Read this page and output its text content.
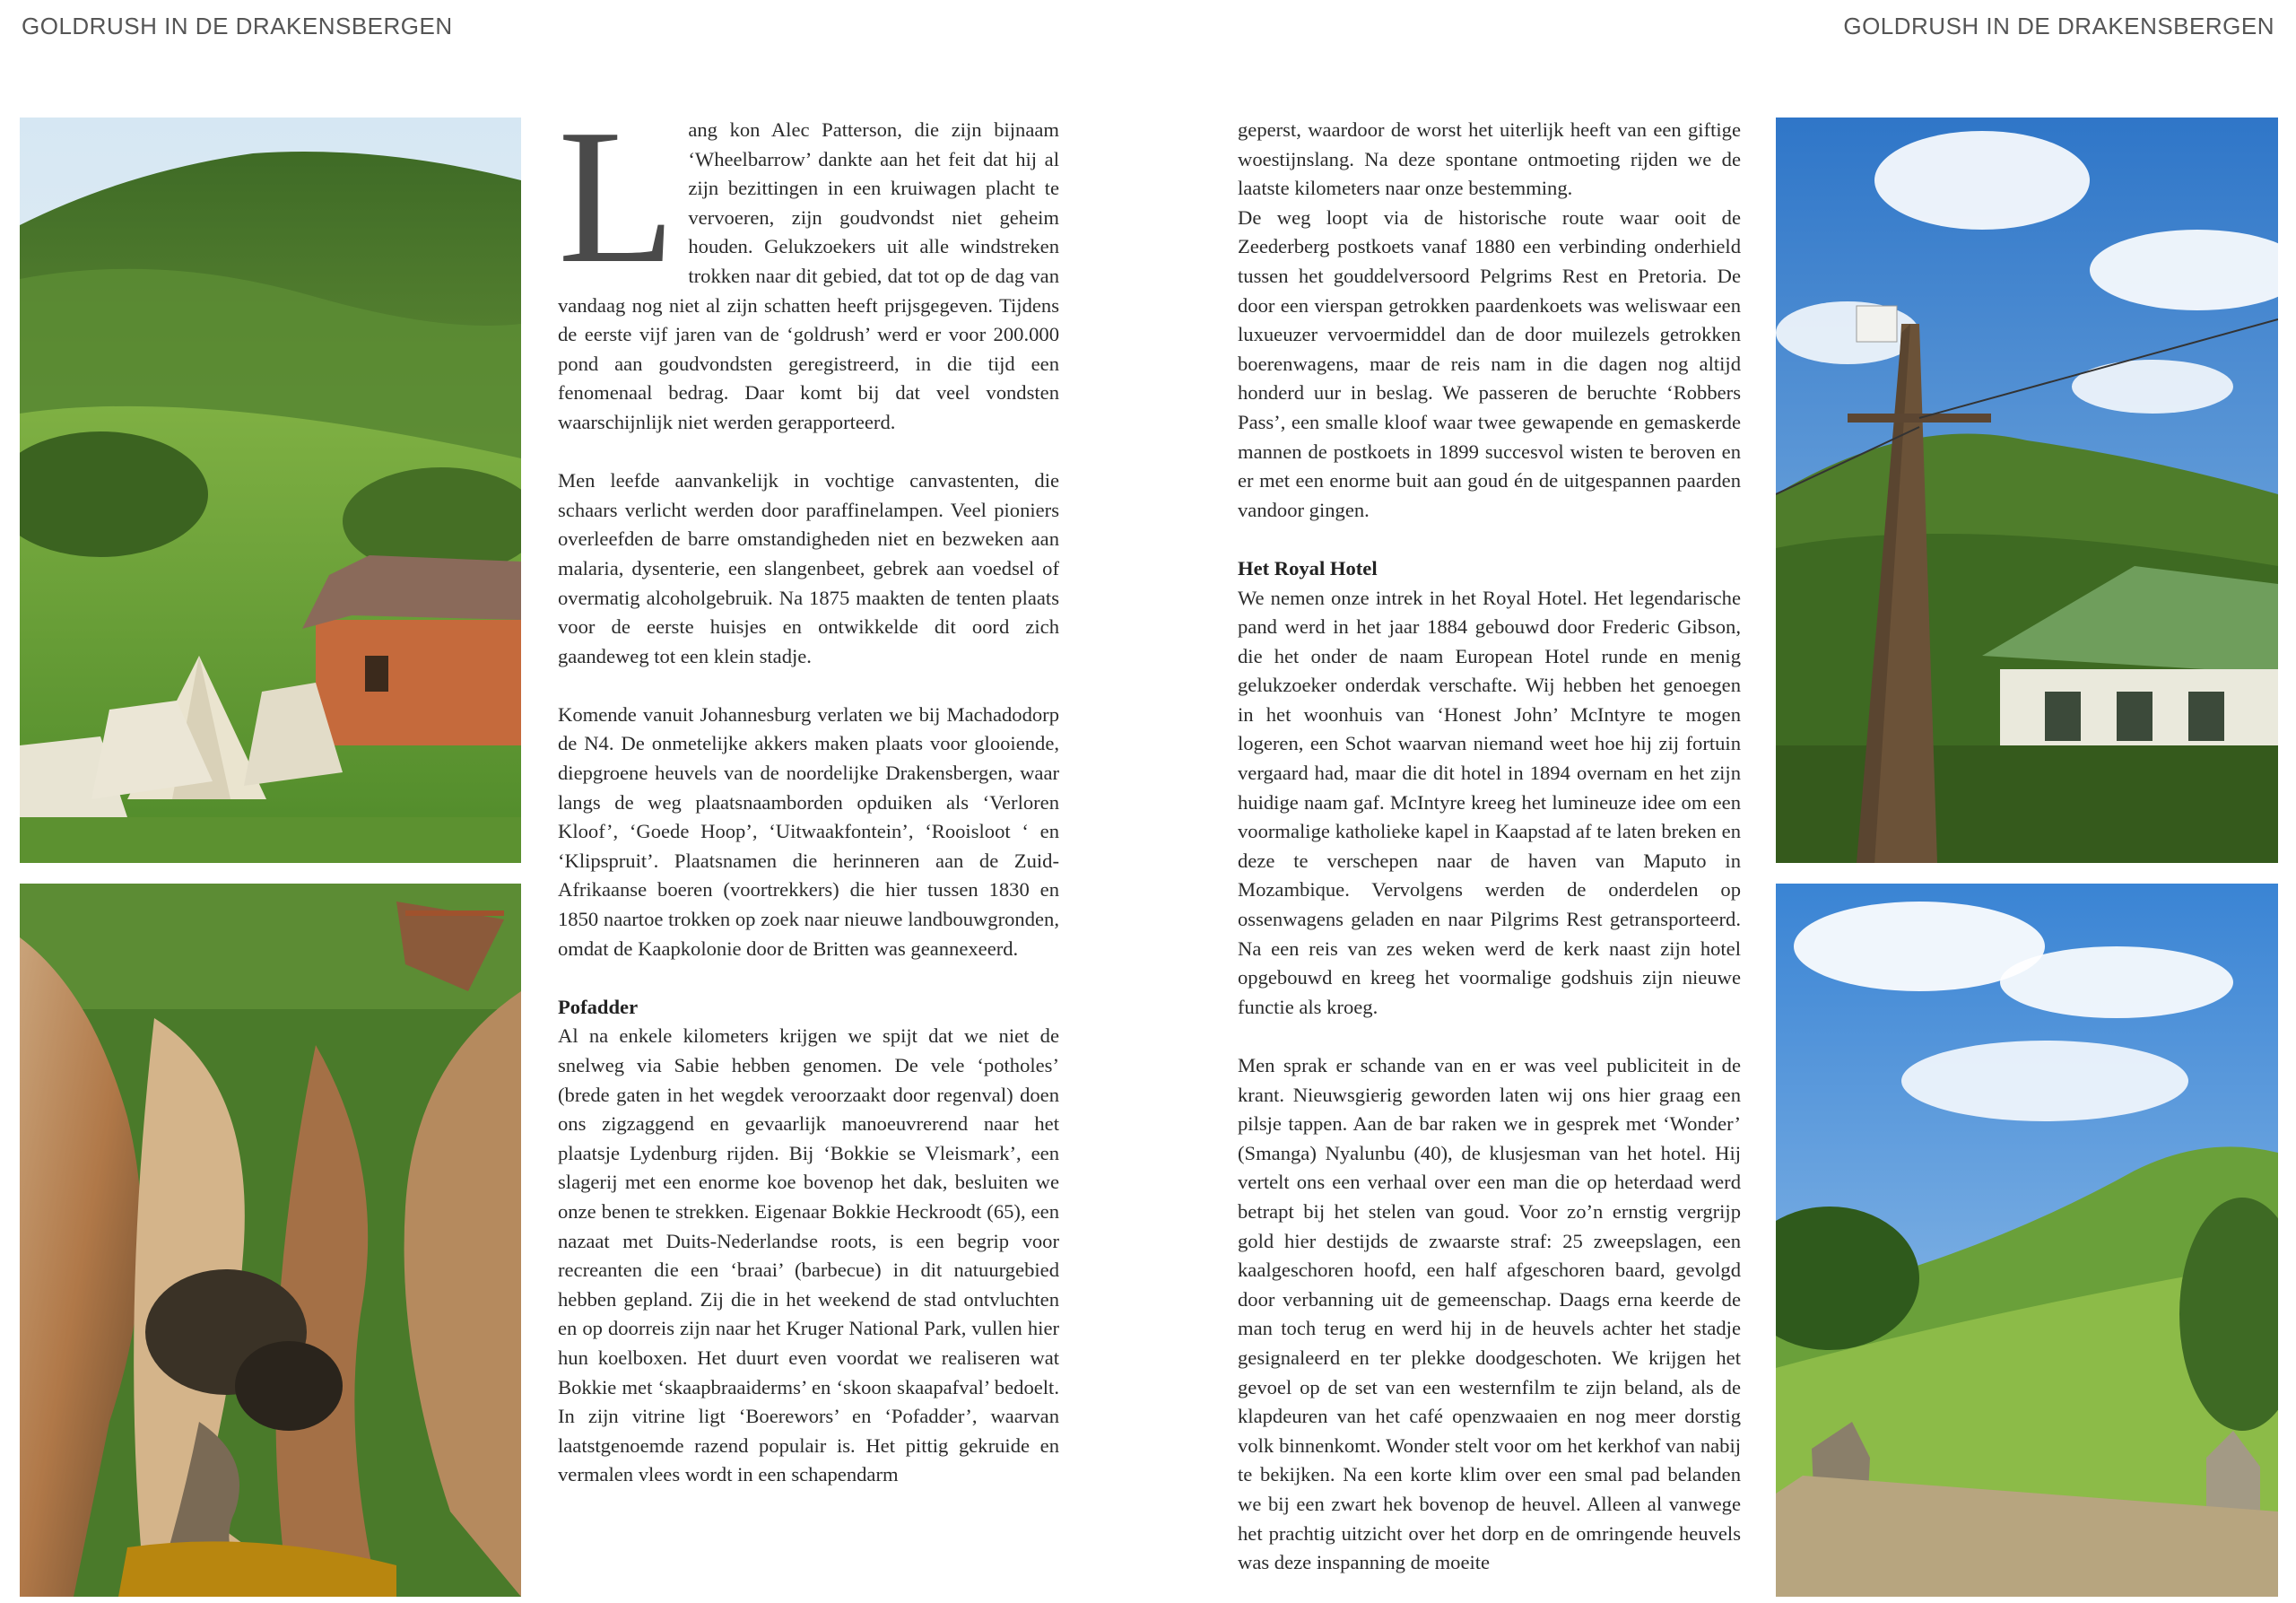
GOLDRUSH IN DE DRAKENSBERGEN	GOLDRUSH IN DE DRAKENSBERGEN
L ang kon Alec Patterson, die zijn bijnaam ‘Wheelbarrow’ dankte aan het feit dat hij al zijn bezittingen in een kruiwagen placht te vervoeren, zijn goudvondst niet geheim houden. Gelukzoekers uit alle windstreken trokken naar dit gebied, dat tot op de dag van vandaag nog niet al zijn schatten heeft prijsgegeven. Tijdens de eerste vijf jaren van de ‘goldrush’ werd er voor 200.000 pond aan goudvondsten geregistreerd, in die tijd een fenomenaal bedrag. Daar komt bij dat veel vondsten waarschijnlijk niet werden gerapporteerd.

Men leefde aanvankelijk in vochtige canvastenten, die schaars verlicht werden door paraffinelampen. Veel pioniers overleefden de barre omstandigheden niet en bezweken aan malaria, dysenterie, een slangenbeet, gebrek aan voedsel of overmatig alcoholgebruik. Na 1875 maakten de tenten plaats voor de eerste huisjes en ontwikkelde dit oord zich gaandeweg tot een klein stadje.

Komende vanuit Johannesburg verlaten we bij Machadodorp de N4. De onmetelijke akkers maken plaats voor glooiende, diepgroene heuvels van de noordelijke Drakensbergen, waar langs de weg plaatsnaamborden opduiken als ‘Verloren Kloof’, ‘Goede Hoop’, ‘Uitwaakfontein’, ‘Rooisloot ‘ en ‘Klipspruit’. Plaatsnamen die herinneren aan de Zuid-Afrikaanse boeren (voortrekkers) die hier tussen 1830 en 1850 naartoe trokken op zoek naar nieuwe landbouwgronden, omdat de Kaapkolonie door de Britten was geannexeerd.

Pofadder

Al na enkele kilometers krijgen we spijt dat we niet de snelweg via Sabie hebben genomen. De vele ‘potholes’ (brede gaten in het wegdek veroorzaakt door regenval) doen ons zigzaggend en gevaarlijk manoeuvrerend naar het plaatsje Lydenburg rijden. Bij ‘Bokkie se Vleismark’, een slagerij met een enorme koe bovenop het dak, besluiten we onze benen te strekken. Eigenaar Bokkie Heckroodt (65), een nazaat met Duits-Nederlandse roots, is een begrip voor recreanten die een ‘braai’ (barbecue) in dit natuurgebied hebben gepland. Zij die in het weekend de stad ontvluchten en op doorreis zijn naar het Kruger National Park, vullen hier hun koelboxen. Het duurt even voordat we realiseren wat Bokkie met ‘skaapbraaiderms’ en ‘skoon skaapafval’ bedoelt. In zijn vitrine ligt ‘Boerewors’ en ‘Pofadder’, waarvan laatstgenoemde razend populair is. Het pittig gekruide en vermalen vlees wordt in een schapendarm

geperst, waardoor de worst het uiterlijk heeft van een giftige woestijnslang. Na deze spontane ontmoeting rijden we de laatste kilometers naar onze bestemming.

De weg loopt via de historische route waar ooit de Zeederberg postkoets vanaf 1880 een verbinding onderhield tussen het gouddelversoord Pelgrims Rest en Pretoria. De door een vierspan getrokken paardenkoets was weliswaar een luxueuzer vervoermiddel dan de door muilezels getrokken boerenwagens, maar de reis nam in die dagen nog altijd honderd uur in beslag. We passeren de beruchte ‘Robbers Pass’, een smalle kloof waar twee gewapende en gemaskerde mannen de postkoets in 1899 succesvol wisten te beroven en er met een enorme buit aan goud én de uitgespannen paarden vandoor gingen.

Het Royal Hotel

We nemen onze intrek in het Royal Hotel. Het legendarische pand werd in het jaar 1884 gebouwd door Frederic Gibson, die het onder de naam European Hotel runde en menig gelukzoeker onderdak verschafte. Wij hebben het genoegen in het woonhuis van ‘Honest John’ McIntyre te mogen logeren, een Schot waarvan niemand weet hoe hij zij fortuin vergaard had, maar die dit hotel in 1894 overnam en het zijn huidige naam gaf. McIntyre kreeg het lumineuze idee om een voormalige katholieke kapel in Kaapstad af te laten breken en deze te verschepen naar de haven van Maputo in Mozambique. Vervolgens werden de onderdelen op ossenwagens geladen en naar Pilgrims Rest getransporteerd. Na een reis van zes weken werd de kerk naast zijn hotel opgebouwd en kreeg het voormalige godshuis zijn nieuwe functie als kroeg.

Men sprak er schande van en er was veel publiciteit in de krant. Nieuwsgierig geworden laten wij ons hier graag een pilsje tappen. Aan de bar raken we in gesprek met ‘Wonder’ (Smanga) Nyalunbu (40), de klusjesman van het hotel. Hij vertelt ons een verhaal over een man die op heterdaad werd betrapt bij het stelen van goud. Voor zo’n ernstig vergrijp gold hier destijds de zwaarste straf: 25 zweepslagen, een kaalgeschoren hoofd, een half afgeschoren baard, gevolgd door verbanning uit de gemeenschap. Daags erna keerde de man toch terug en werd hij in de heuvels achter het stadje gesignaleerd en ter plekke doodgeschoten. We krijgen het gevoel op de set van een westernfilm te zijn beland, als de klapdeuren van het café openzwaaien en nog meer dorstig volk binnenkomt. Wonder stelt voor om het kerkhof van nabij te bekijken. Na een korte klim over een smal pad belanden we bij een zwart hek bovenop de heuvel. Alleen al vanwege het prachtig uitzicht over het dorp en de omringende heuvels was deze inspanning de moeite
